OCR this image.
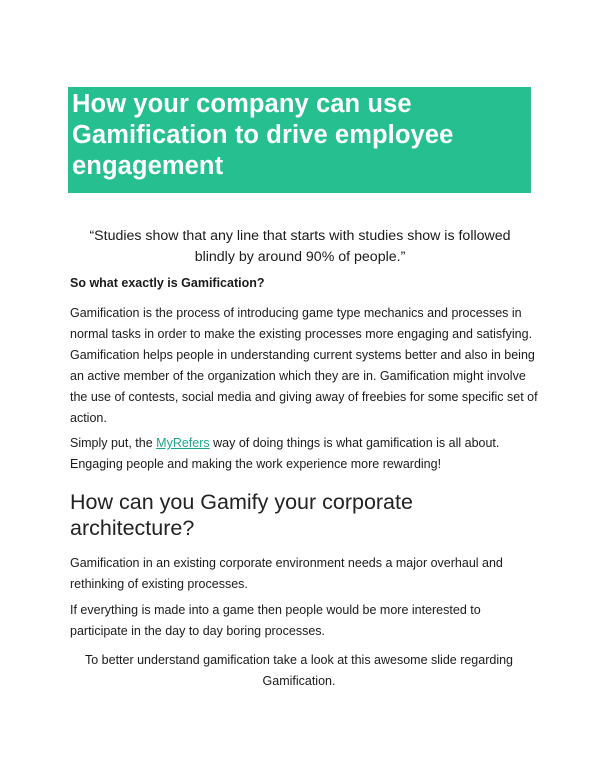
How your company can use Gamification to drive employee engagement
“Studies show that any line that starts with studies show is followed blindly by around 90% of people.”
So what exactly is Gamification?
Gamification is the process of introducing game type mechanics and processes in normal tasks in order to make the existing processes more engaging and satisfying. Gamification helps people in understanding current systems better and also in being an active member of the organization which they are in. Gamification might involve the use of contests, social media and giving away of freebies for some specific set of action.
Simply put, the MyRefers way of doing things is what gamification is all about. Engaging people and making the work experience more rewarding!
How can you Gamify your corporate architecture?
Gamification in an existing corporate environment needs a major overhaul and rethinking of existing processes.
If everything is made into a game then people would be more interested to participate in the day to day boring processes.
To better understand gamification take a look at this awesome slide regarding Gamification.
